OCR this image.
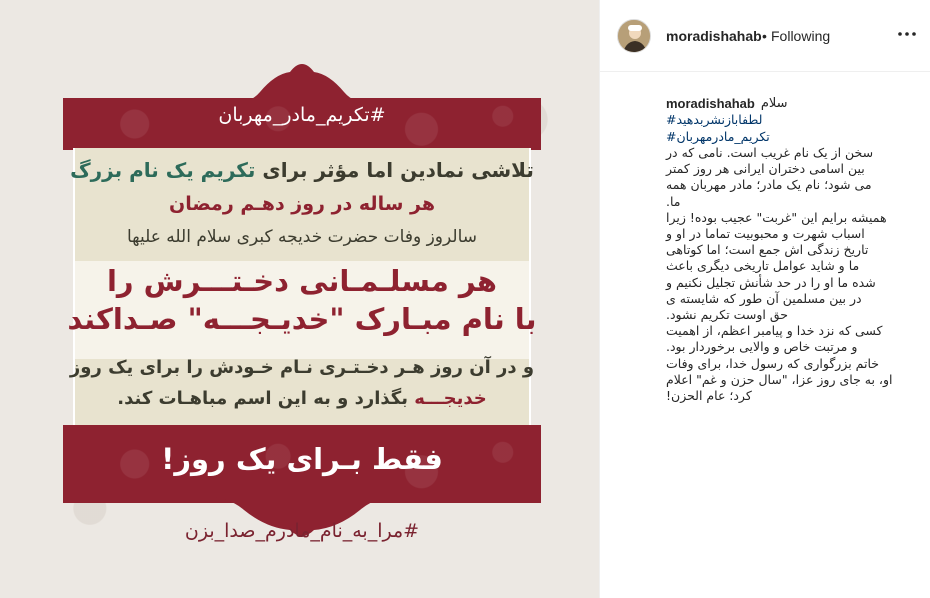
#تکریم_مادر_مهربان
تلاشی نمادین اما مؤثر برای تکریم یک نام بزرگ
هر ساله در روز دهـم رمضان
سالروز وفات حضرت خدیجه کبری سلام الله علیها
هر مسلـمـانی دخـتـــرش را
با نام مبـارک "خدیـجـــه" صـداکند
و در آن روز هـر دخـتـری نـام خـودش را برای یک روز
خدیجـــه بگذارد و به این اسم مباهـات کند.
فقط بـرای یک روز!
#مرا_به_نام_مادرم_صدا_بزن
moradishahab • Following
moradishahab سلام
لطفابازنشربدهید#
تکریم_مادرمهربان#
سخن از یک نام غریب است. نامی که در
بین اسامی دختران ایرانی هر روز کمتر
می شود؛ نام یک مادر؛ مادر مهربان همه
ما.
همیشه برایم این "غربت" عجیب بوده! زیرا
اسباب شهرت و محبوبیت تماما در او و
تاریخ زندگی اش جمع است؛ اما کوتاهی
ما و شاید عوامل تاریخی دیگری باعث
شده ما او را در حد شأنش تجلیل نکنیم و
در بین مسلمین آن طور که شایسته ی
حق اوست تکریم نشود.
کسی که نزد خدا و پیامبر اعظم، از اهمیت
و مرتبت خاص و والایی برخوردار بود.
خاتم بزرگواری که رسول خدا، برای وفات
او، به جای روز عزا، "سال حزن و غم" اعلام
کرد؛ عام الحزن!
